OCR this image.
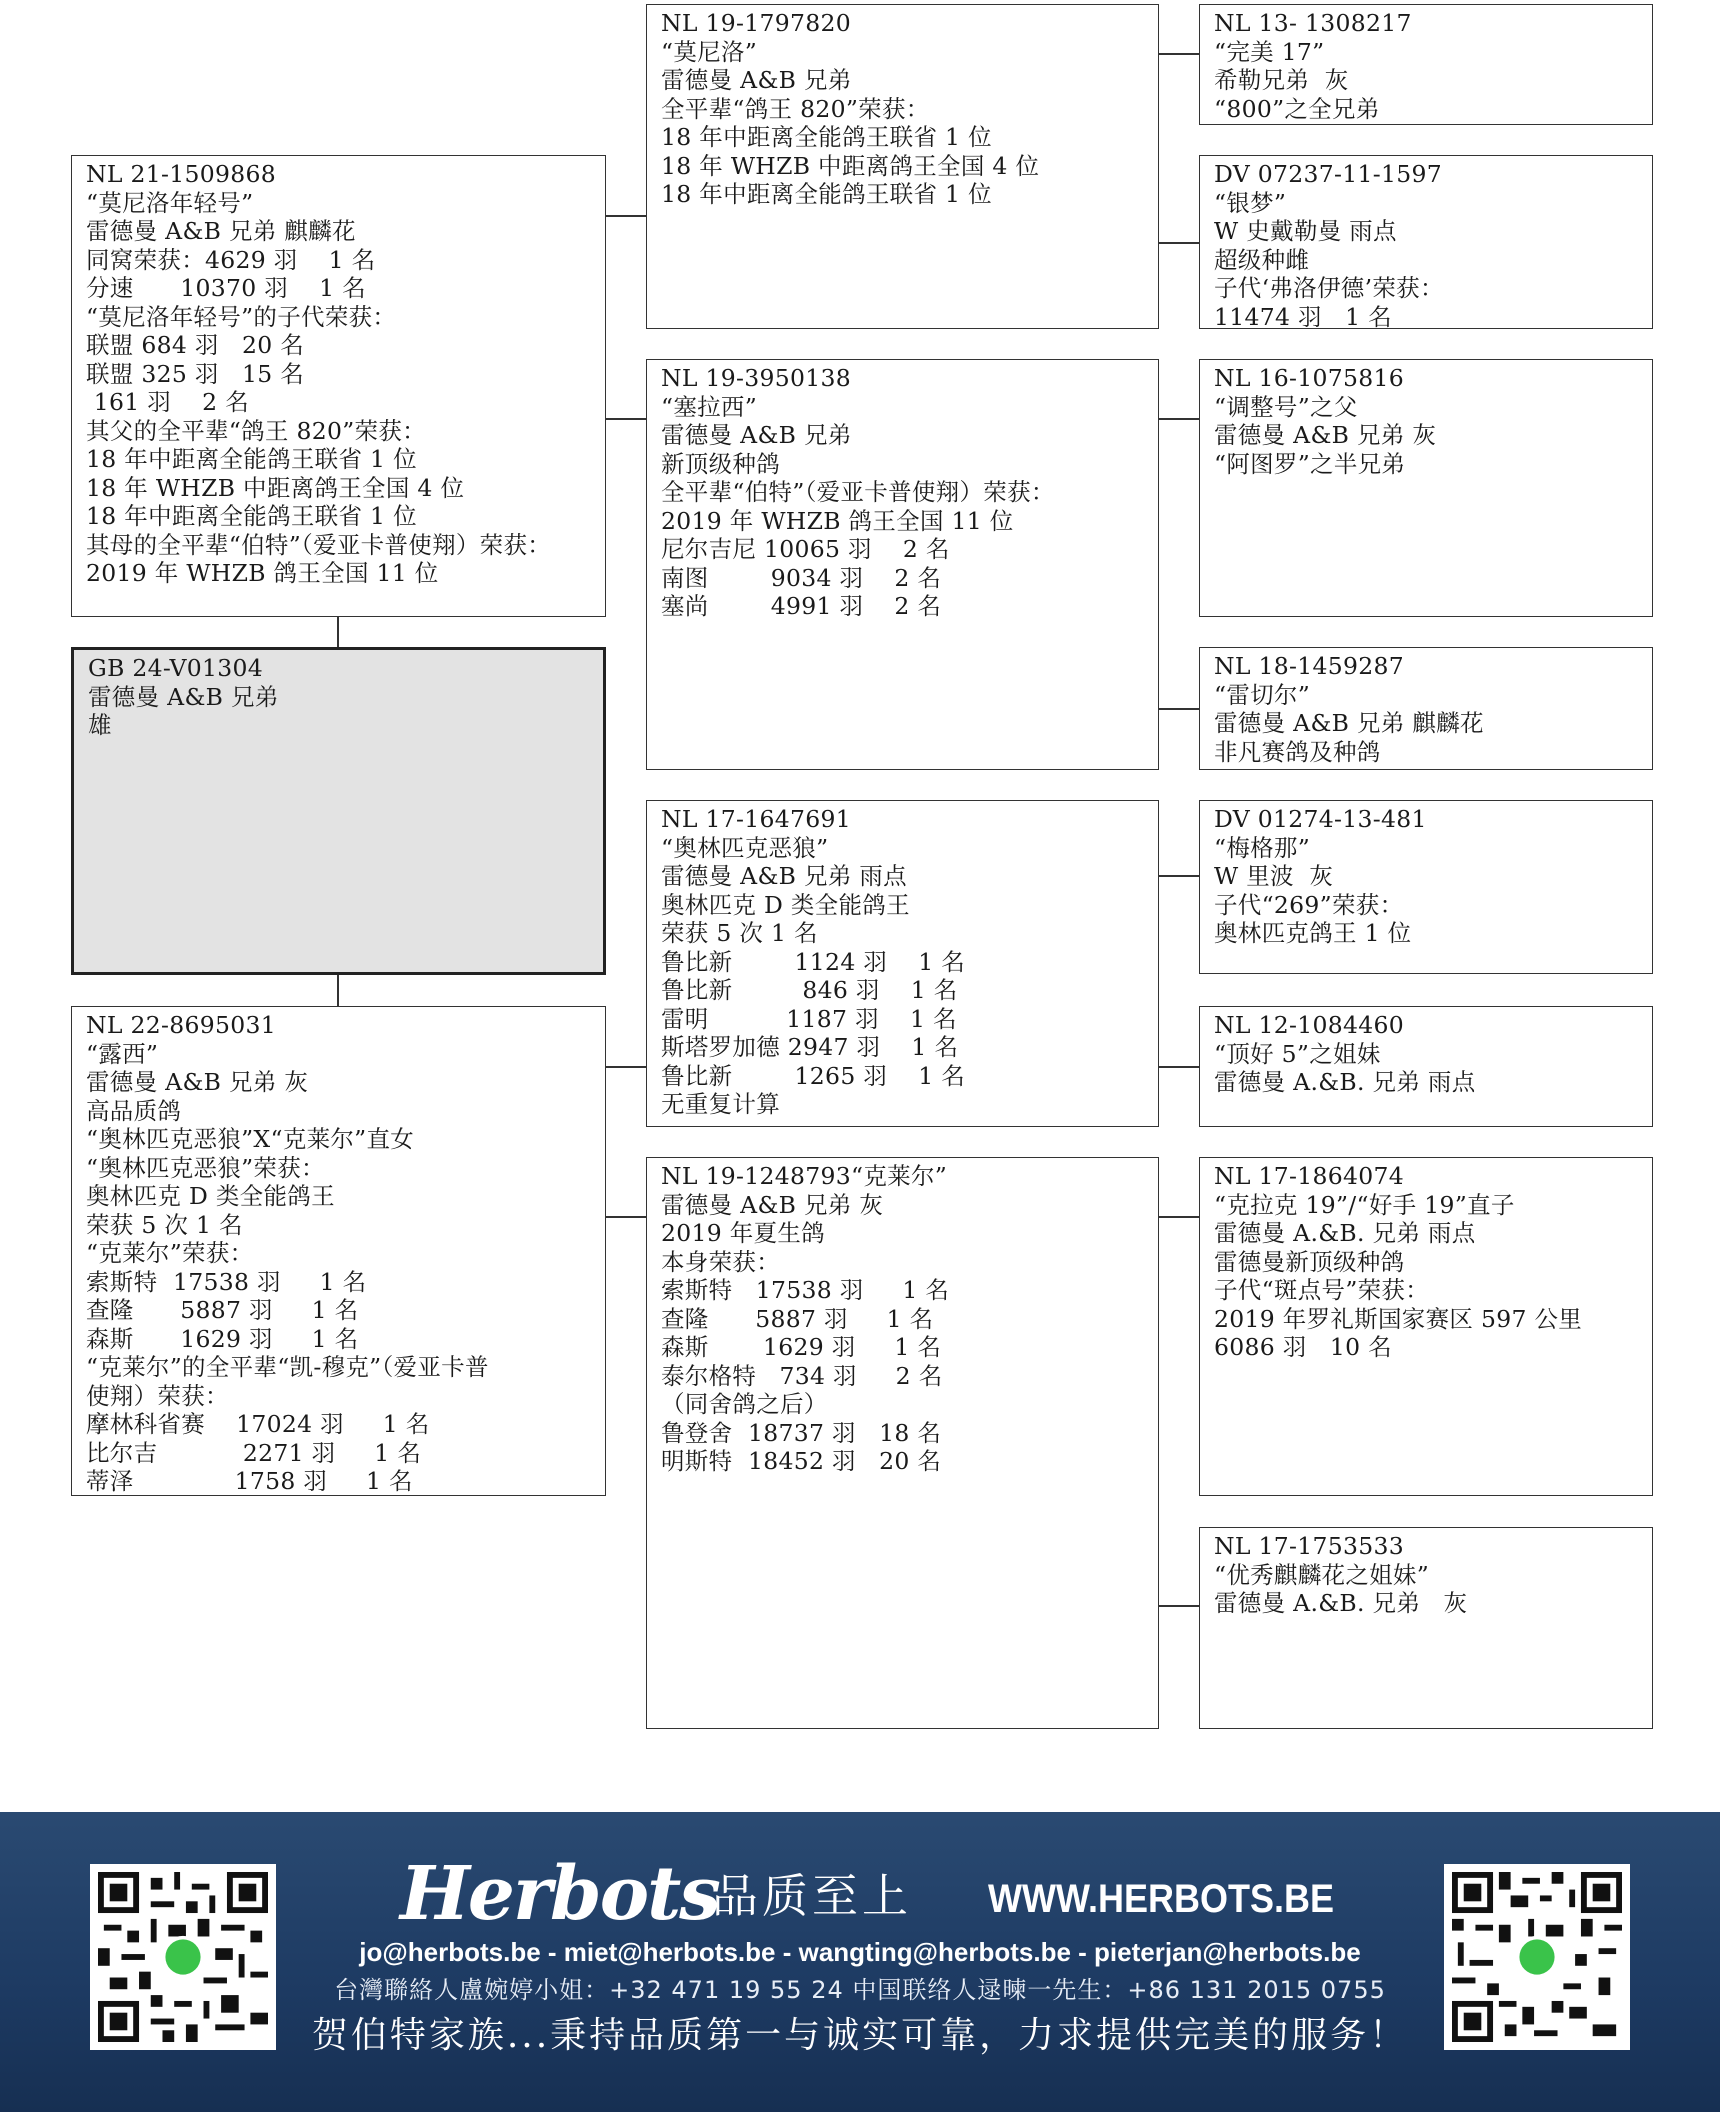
NL 21-1509868
“莫尼洛年轻号”
雷德曼 A&B 兄弟 麒麟花
同窝荣获：4629 羽    1 名
分速      10370 羽    1 名
“莫尼洛年轻号”的子代荣获：
联盟 684 羽   20 名
联盟 325 羽   15 名
161 羽    2 名
其父的全平辈“鸽王 820”荣获：
18 年中距离全能鸽王联省 1 位
18 年 WHZB 中距离鸽王全国 4 位
18 年中距离全能鸽王联省 1 位
其母的全平辈“伯特”（爱亚卡普使翔）荣获：
2019 年 WHZB 鸽王全国 11 位
GB 24-V01304
雷德曼 A&B 兄弟
雄
NL 22-8695031
“露西”
雷德曼 A&B 兄弟 灰
高品质鸽
“奥林匹克恶狼”X“克莱尔”直女
“奥林匹克恶狼”荣获：
奥林匹克 D 类全能鸽王
荣获 5 次 1 名
“克莱尔”荣获：
索斯特  17538 羽     1 名
查隆      5887 羽     1 名
森斯      1629 羽     1 名
“克莱尔”的全平辈“凯-穆克”（爱亚卡普
使翔）荣获：
摩林科省赛    17024 羽     1 名
比尔吉           2271 羽     1 名
蒂泽             1758 羽     1 名
NL 19-1797820
“莫尼洛”
雷德曼 A&B 兄弟
全平辈“鸽王 820”荣获：
18 年中距离全能鸽王联省 1 位
18 年 WHZB 中距离鸽王全国 4 位
18 年中距离全能鸽王联省 1 位
NL 19-3950138
“塞拉西”
雷德曼 A&B 兄弟
新顶级种鸽
全平辈“伯特”（爱亚卡普使翔）荣获：
2019 年 WHZB 鸽王全国 11 位
尼尔吉尼 10065 羽    2 名
南图        9034 羽    2 名
塞尚        4991 羽    2 名
NL 17-1647691
“奥林匹克恶狼”
雷德曼 A&B 兄弟 雨点
奥林匹克 D 类全能鸽王
荣获 5 次 1 名
鲁比新        1124 羽    1 名
鲁比新         846 羽    1 名
雷明          1187 羽    1 名
斯塔罗加德 2947 羽    1 名
鲁比新        1265 羽    1 名
无重复计算
NL 19-1248793“克莱尔”
雷德曼 A&B 兄弟 灰
2019 年夏生鸽
本身荣获：
索斯特   17538 羽     1 名
查隆      5887 羽     1 名
森斯       1629 羽     1 名
泰尔格特   734 羽     2 名
（同舍鸽之后）
鲁登舍  18737 羽   18 名
明斯特  18452 羽   20 名
NL 13- 1308217
“完美 17”
希勒兄弟  灰
“800”之全兄弟
DV 07237-11-1597
“银梦”
W 史戴勒曼 雨点
超级种雌
子代‘弗洛伊德’荣获：
11474 羽   1 名
NL 16-1075816
“调整号”之父
雷德曼 A&B 兄弟 灰
“阿图罗”之半兄弟
NL 18-1459287
“雷切尔”
雷德曼 A&B 兄弟 麒麟花
非凡赛鸽及种鸽
DV 01274-13-481
“梅格那”
W 里波  灰
子代“269”荣获：
奥林匹克鸽王 1 位
NL 12-1084460
“顶好 5”之姐妹
雷德曼 A.&B. 兄弟 雨点
NL 17-1864074
“克拉克 19”/“好手 19”直子
雷德曼 A.&B. 兄弟 雨点
雷德曼新顶级种鸽
子代“斑点号”荣获：
2019 年罗礼斯国家赛区 597 公里
6086 羽   10 名
NL 17-1753533
“优秀麒麟花之姐妹”
雷德曼 A.&B. 兄弟   灰
Herbots
品质至上 WWW.HERBOTS.BE
jo@herbots.be - miet@herbots.be - wangting@herbots.be - pieterjan@herbots.be
台灣聯絡人盧婉婷小姐：+32 471 19 55 24 中国联络人逯暕一先生：+86 131 2015 0755
贺伯特家族...秉持品质第一与诚实可靠，力求提供完美的服务！
